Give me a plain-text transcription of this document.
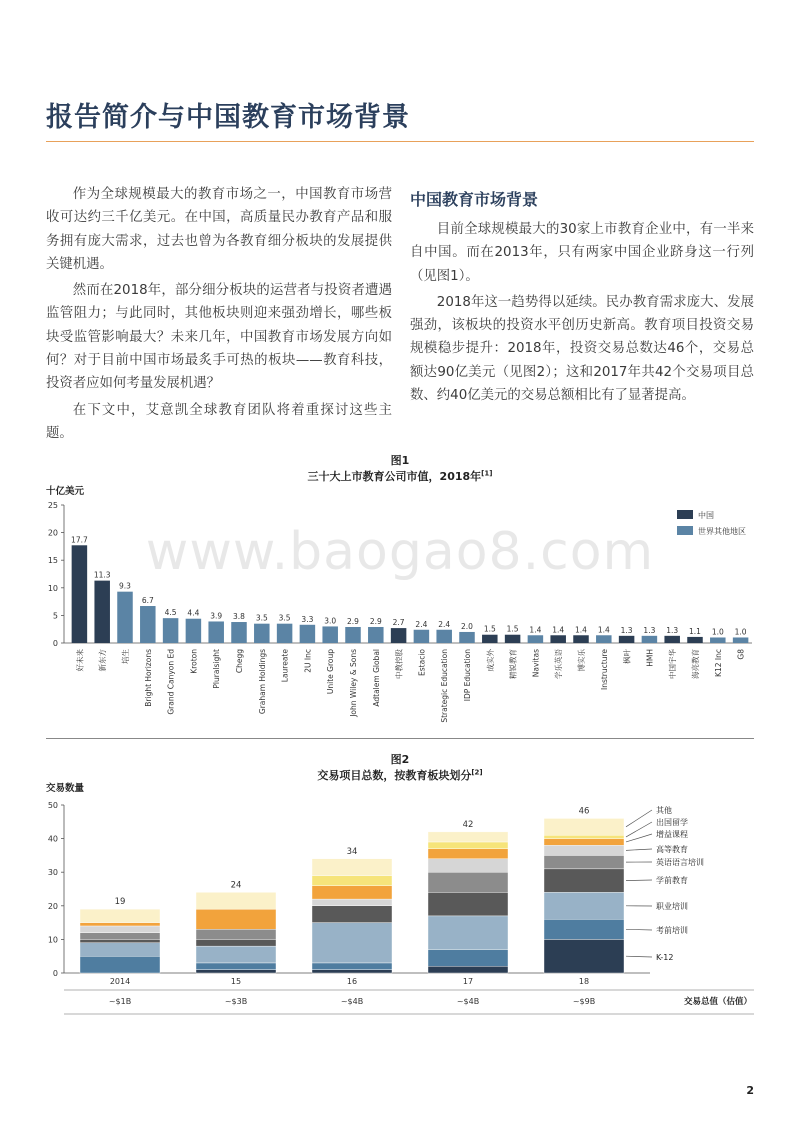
报告简介与中国教育市场背景

作为全球规模最大的教育市场之一，中国教育市场营收可达约三千亿美元。在中国，高质量民办教育产品和服务拥有庞大需求，过去也曾为各教育细分板块的发展提供关键机遇。

然而在2018年，部分细分板块的运营者与投资者遭遇监管阻力；与此同时，其他板块则迎来强劲增长，哪些板块受监管影响最大？未来几年，中国教育市场发展方向如何？对于目前中国市场最炙手可热的板块——教育科技，投资者应如何考量发展机遇？

在下文中，艾意凯全球教育团队将着重探讨这些主题。

中国教育市场背景

目前全球规模最大的30家上市教育企业中，有一半来自中国。而在2013年，只有两家中国企业跻身这一行列（见图1）。

2018年这一趋势得以延续。民办教育需求庞大、发展强劲，该板块的投资水平创历史新高。教育项目投资交易规模稳步提升：2018年，投资交易总数达46个，交易总额达90亿美元（见图2）；这和2017年共42个交易项目总数、约40亿美元的交易总额相比有了显著提高。

www.baogao8.com
图1
三十大上市教育公司市值，2018年[1]
十亿美元
0
5
10
15
20
25
17.7
好未来
11.3
新东方
9.3
培生
6.7
Bright Horizons
4.5
Grand Canyon Ed
4.4
Kroton
3.9
Pluralsight
3.8
Chegg
3.5
Graham Holdings
3.5
Laureate
3.3
2U Inc
3.0
Unite Group
2.9
John Wiley & Sons
2.9
Adtalem Global
2.7
中教控股
2.4
Estacio
2.4
Strategic Education
2.0
IDP Education
1.5
成实外
1.5
精锐教育
1.4
Navitas
1.4
学乐英语
1.4
博实乐
1.4
Instructure
1.3
枫叶
1.3
HMH
1.3
中国宇华
1.1
海亮教育
1.0
K12 Inc
1.0
G8
中国
世界其他地区
图2
交易项目总数，按教育板块划分[2]
交易数量
0
10
20
30
40
50
19
2014
~$1B
24
15
~$3B
34
16
~$4B
42
17
~$4B
46
18
~$9B	交易总值（估值）
K-12
考前培训
职业培训
学前教育
英语语言培训
高等教育
增益课程
出国留学
其他
2
